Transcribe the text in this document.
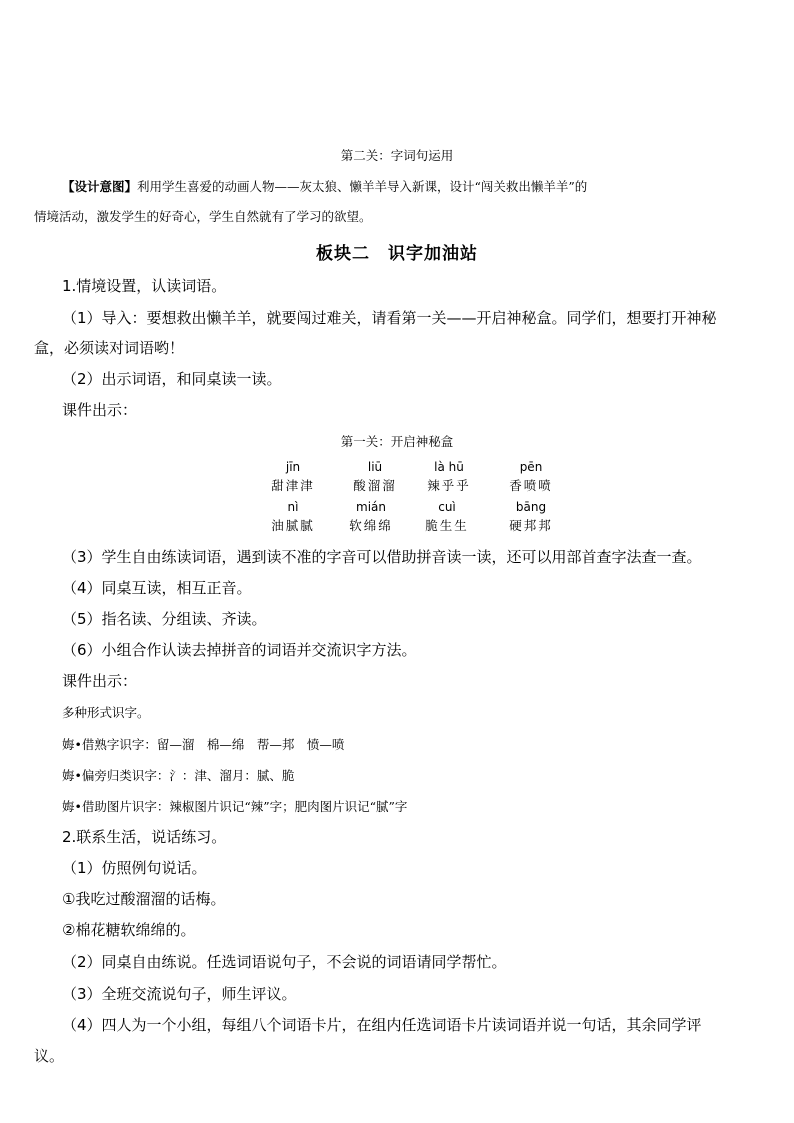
第二关：字词句运用
【设计意图】利用学生喜爱的动画人物——灰太狼、懒羊羊导入新课，设计“闯关救出懒羊羊”的
情境活动，激发学生的好奇心，学生自然就有了学习的欲望。
板块二　识字加油站
1.情境设置，认读词语。
（1）导入：要想救出懒羊羊，就要闯过难关，请看第一关——开启神秘盒。同学们，想要打开神秘
盒，必须读对词语哟！
（2）出示词语，和同桌读一读。
课件出示：
第一关：开启神秘盒
jīn
甜津津
liū
酸溜溜
là hū
辣乎乎
pēn
香喷喷
nì
油腻腻
mián
软绵绵
cuì
脆生生
bāng
硬邦邦
（3）学生自由练读词语，遇到读不准的字音可以借助拼音读一读，还可以用部首查字法查一查。
（4）同桌互读，相互正音。
（5）指名读、分组读、齐读。
（6）小组合作认读去掉拼音的词语并交流识字方法。
课件出示：
多种形式识字。
娒•借熟字识字：留—溜　棉—绵　帮—邦　愤—喷
娒•偏旁归类识字：氵：津、溜月：腻、脆
娒•借助图片识字：辣椒图片识记“辣”字；肥肉图片识记“腻”字
2.联系生活，说话练习。
（1）仿照例句说话。
①我吃过酸溜溜的话梅。
②棉花糖软绵绵的。
（2）同桌自由练说。任选词语说句子，不会说的词语请同学帮忙。
（3）全班交流说句子，师生评议。
（4）四人为一个小组，每组八个词语卡片，在组内任选词语卡片读词语并说一句话，其余同学评
议。
